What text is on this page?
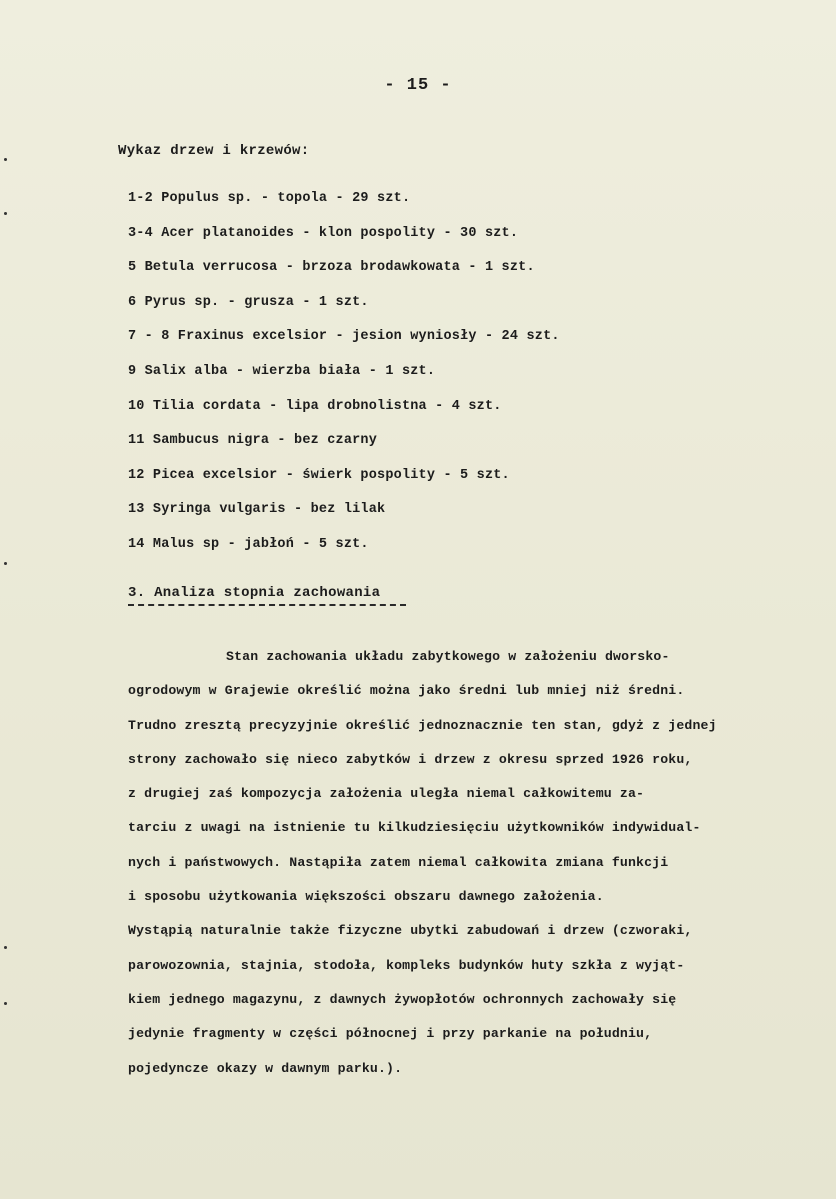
- 15 -
Wykaz drzew i krzewów:
1-2 Populus sp. - topola - 29 szt.
3-4 Acer platanoides - klon pospolity - 30 szt.
5 Betula verrucosa - brzoza brodawkowata - 1 szt.
6 Pyrus sp. - grusza - 1 szt.
7 - 8 Fraxinus excelsior - jesion wyniosły - 24 szt.
9 Salix alba - wierzba biała - 1 szt.
10 Tilia cordata - lipa drobnolistna - 4 szt.
11 Sambucus nigra - bez czarny
12 Picea excelsior - świerk pospolity - 5 szt.
13 Syringa vulgaris - bez lilak
14 Malus sp - jabłoń - 5 szt.
3. Analiza stopnia zachowania
Stan zachowania układu zabytkowego w założeniu dworsko-
ogrodowym w Grajewie określić można jako średni lub mniej niż średni.
Trudno zresztą precyzyjnie określić jednoznacznie ten stan, gdyż z jednej
strony zachowało się nieco zabytków i drzew z okresu sprzed 1926 roku,
z drugiej zaś kompozycja założenia uległa niemal całkowitemu za-
tarciu z uwagi na istnienie tu kilkudziesięciu użytkowników indywidual-
nych i państwowych. Nastąpiła zatem niemal całkowita zmiana funkcji
i sposobu użytkowania większości obszaru dawnego założenia.
Wystąpią naturalnie także fizyczne ubytki zabudowań i drzew (czworaki,
parowozownia, stajnia, stodoła, kompleks budynków huty szkła z wyjąt-
kiem jednego magazynu, z dawnych żywopłotów ochronnych zachowały się
jedynie fragmenty w części północnej i przy parkanie na południu,
pojedyncze okazy w dawnym parku.).
